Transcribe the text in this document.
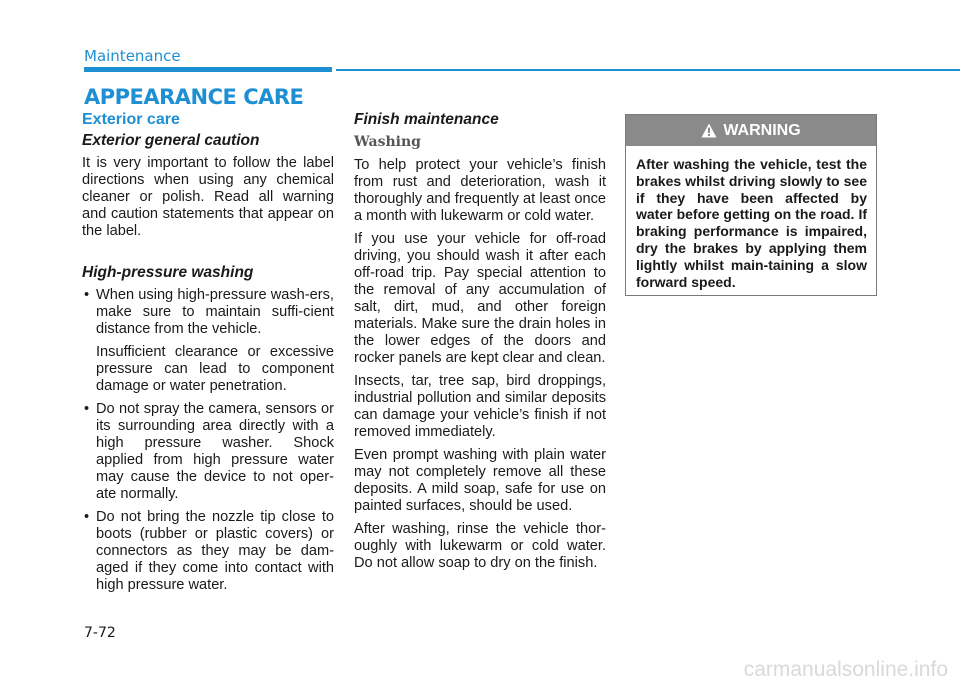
Maintenance
APPEARANCE CARE
Exterior care
Exterior general caution

It is very important to follow the label directions when using any chemical cleaner or polish. Read all warning and caution statements that appear on the label.

High-pressure washing
• When using high-pressure wash-ers, make sure to maintain suffi-cient distance from the vehicle.

Insufficient clearance or excessive pressure can lead to component damage or water penetration.

• Do not spray the camera, sensors or its surrounding area directly with a high pressure washer. Shock applied from high pressure water may cause the device to not oper-ate normally.

• Do not bring the nozzle tip close to boots (rubber or plastic covers) or connectors as they may be dam-aged if they come into contact with high pressure water.

Finish maintenance
Washing

To help protect your vehicle’s finish from rust and deterioration, wash it thoroughly and frequently at least once a month with lukewarm or cold water.

If you use your vehicle for off-road driving, you should wash it after each off-road trip. Pay special attention to the removal of any accumulation of salt, dirt, mud, and other foreign materials. Make sure the drain holes in the lower edges of the doors and rocker panels are kept clear and clean.

Insects, tar, tree sap, bird droppings, industrial pollution and similar deposits can damage your vehicle’s finish if not removed immediately.

Even prompt washing with plain water may not completely remove all these deposits. A mild soap, safe for use on painted surfaces, should be used.

After washing, rinse the vehicle thor-oughly with lukewarm or cold water. Do not allow soap to dry on the finish.

WARNING
After washing the vehicle, test the brakes whilst driving slowly to see if they have been affected by water before getting on the road. If braking performance is impaired, dry the brakes by applying them lightly whilst main-taining a slow forward speed.
7-72
carmanualsonline.info
